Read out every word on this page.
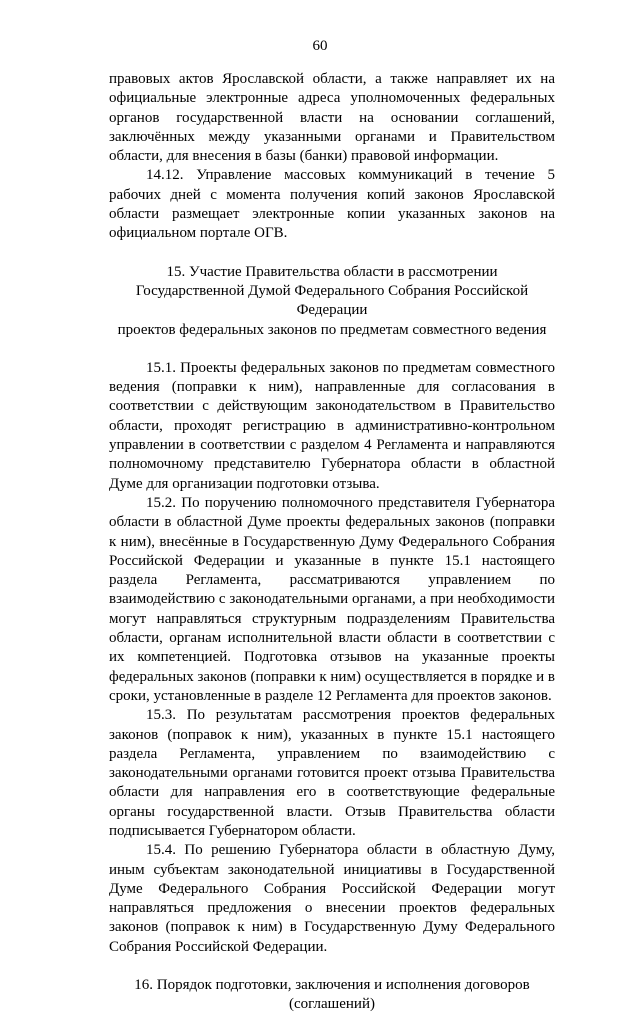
60

правовых актов Ярославской области, а также направляет их на официальные электронные адреса уполномоченных федеральных органов государственной власти на основании соглашений, заключённых между указанными органами и Правительством области, для внесения в базы (банки) правовой информации.

14.12. Управление массовых коммуникаций в течение 5 рабочих дней с момента получения копий законов Ярославской области размещает электронные копии указанных законов на официальном портале ОГВ.

15. Участие Правительства области в рассмотрении

Государственной Думой Федерального Собрания Российской Федерации

проектов федеральных законов по предметам совместного ведения

15.1. Проекты федеральных законов по предметам совместного ведения (поправки к ним), направленные для согласования в соответствии с действующим законодательством в Правительство области, проходят регистрацию в административно-контрольном управлении в соответствии с разделом 4 Регламента и направляются полномочному представителю Губернатора области в областной Думе для организации подготовки отзыва.

15.2. По поручению полномочного представителя Губернатора области в областной Думе проекты федеральных законов (поправки к ним), внесённые в Государственную Думу Федерального Собрания Российской Федерации и указанные в пункте 15.1 настоящего раздела Регламента, рассматриваются управлением по взаимодействию с законодательными органами, а при необходимости могут направляться структурным подразделениям Правительства области, органам исполнительной власти области в соответствии с их компетенцией. Подготовка отзывов на указанные проекты федеральных законов (поправки к ним) осуществляется в порядке и в сроки, установленные в разделе 12 Регламента для проектов законов.

15.3. По результатам рассмотрения проектов федеральных законов (поправок к ним), указанных в пункте 15.1 настоящего раздела Регламента, управлением по взаимодействию с законодательными органами готовится проект отзыва Правительства области для направления его в соответствующие федеральные органы государственной власти. Отзыв Правительства области подписывается Губернатором области.

15.4. По решению Губернатора области в областную Думу, иным субъектам законодательной инициативы в Государственной Думе Федерального Собрания Российской Федерации могут направляться предложения о внесении проектов федеральных законов (поправок к ним) в Государственную Думу Федерального Собрания Российской Федерации.

16. Порядок подготовки, заключения и исполнения договоров (соглашений)
